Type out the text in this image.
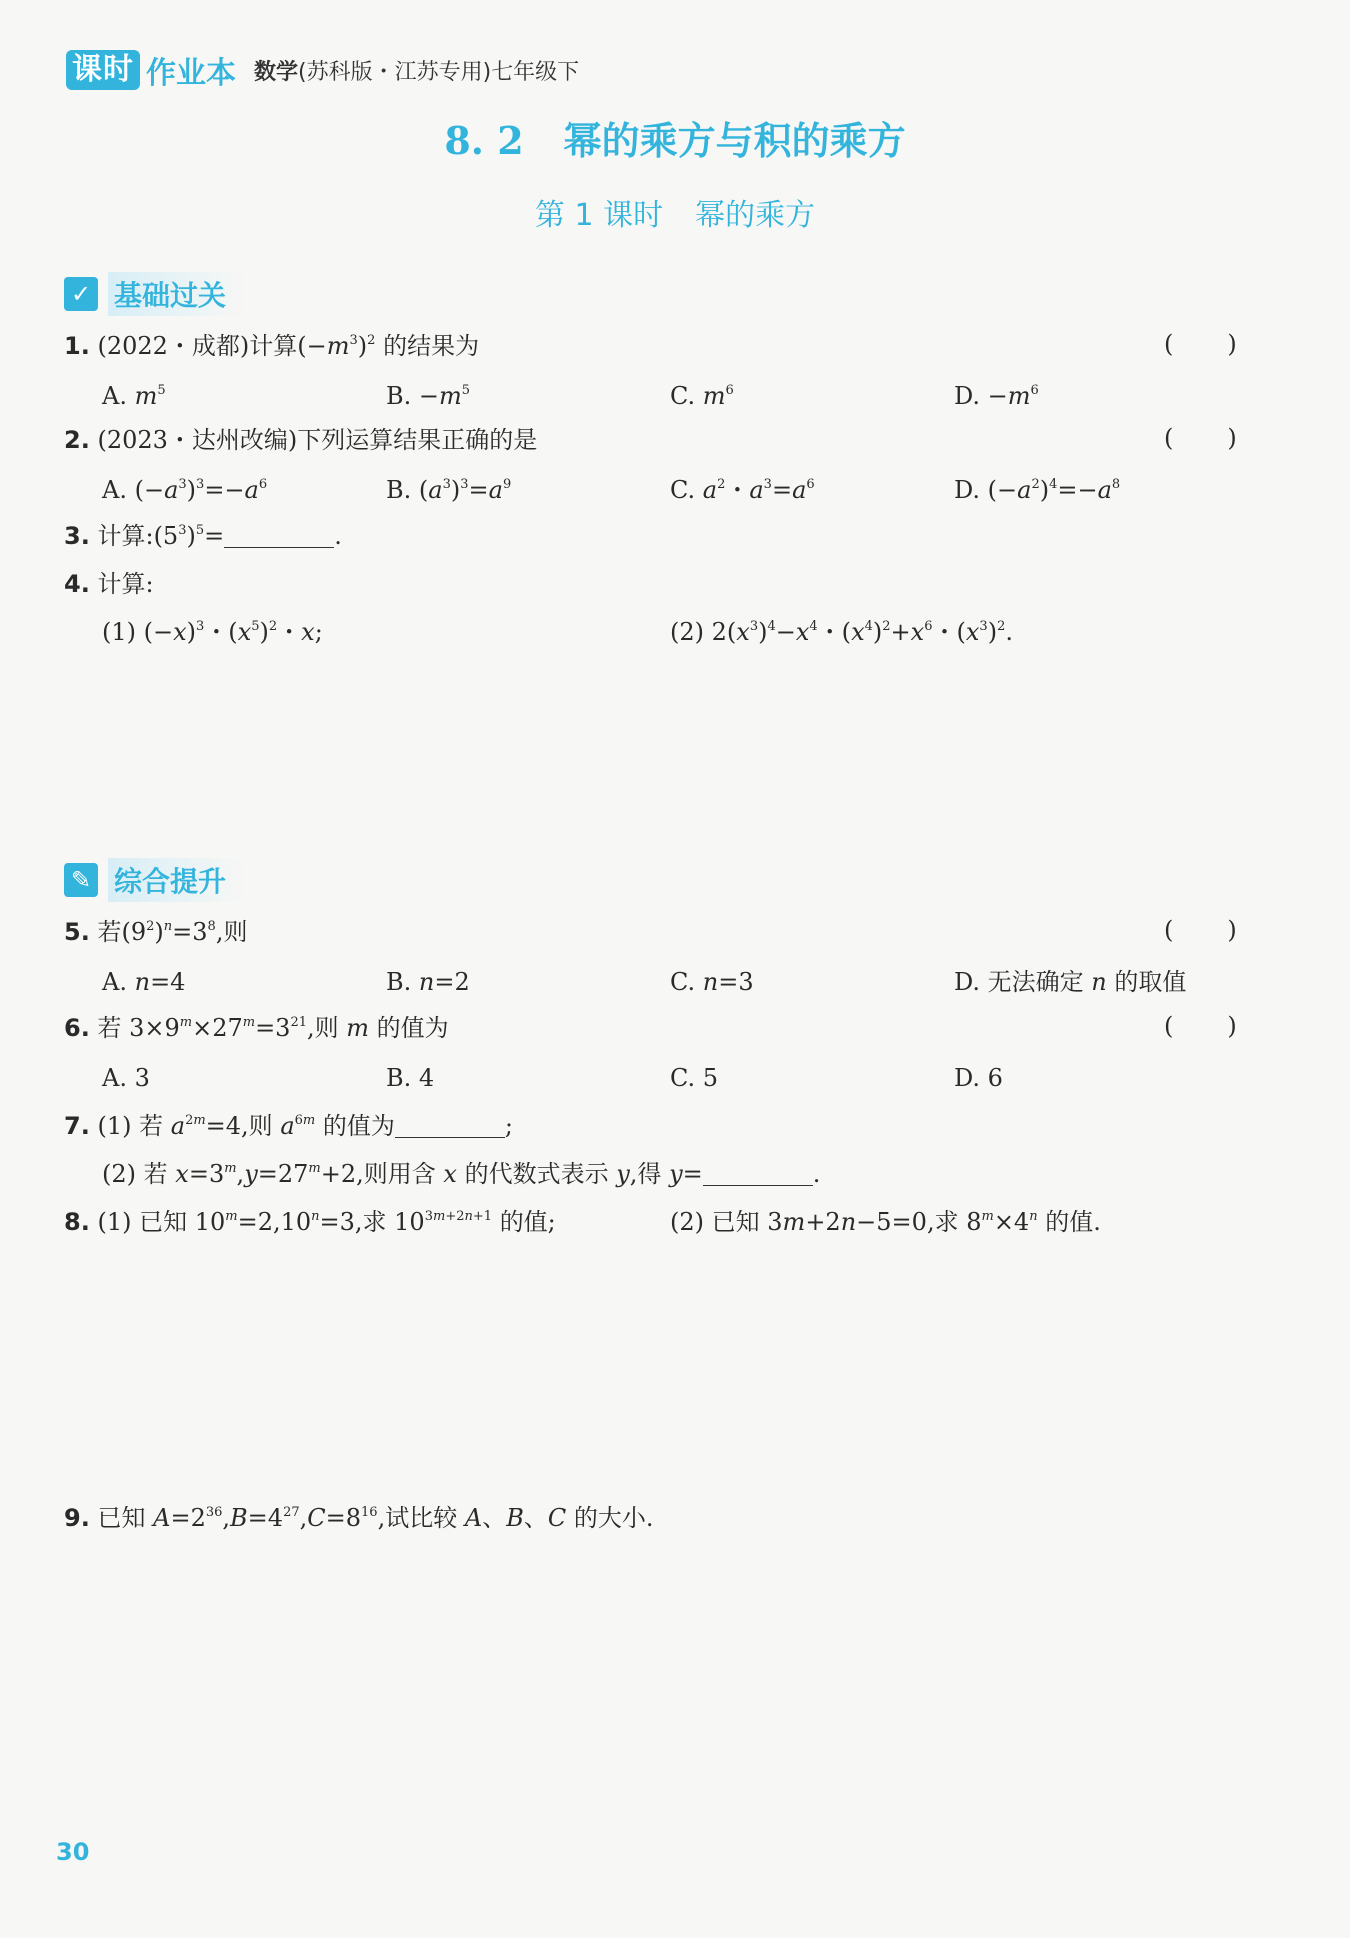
课时 作业本 数学(苏科版・江苏专用)七年级下
8. 2 幂的乘方与积的乘方
第 1 课时 幂的乘方
✓ 基础过关
1. (2022・成都)计算$(-m^3)^2$ 的结果为	( )
A. $m^5$	B. $-m^5$	C. $m^6$	D. $-m^6$
2. (2023・达州改编)下列运算结果正确的是	( )
A. $(-a^3)^3=-a^6$	B. $(a^3)^3=a^9$	C. $a^2$・$a^3=a^6$	D. $(-a^2)^4=-a^8$
3. 计算$:(5^3)^5=$	.
4. 计算:
(1) $(-x)^3$・$(x^5)^2$・x;	(2) $2(x^3)^4-x^4$・$(x^4)^2+x^6$・$(x^3)^2$.
✎ 综合提升
5. 若$(9^2)^n=3^8$,则	( )
A. n=4	B. n=2	C. n=3	D. 无法确定 n 的取值
6. 若 $3\times 9^m\times 27^m=3^{21}$,则 m 的值为	( )
A. 3	B. 4	C. 5	D. 6
7. (1) 若 $a^{2m}=4$,则 $a^{6m}$ 的值为	;
(2) 若 $x=3^m,y=27^m+2$,则用含 x 的代数式表示 y,得 y=	.
8. (1) 已知 $10^m=2,10^n=3$,求 $10^{3m+2n+1}$ 的值;	(2) 已知 3m+2n−5=0,求 $8^m\times 4^n$ 的值.
9. 已知 $A=2^{36},B=4^{27},C=8^{16}$,试比较 A、B、C 的大小.
30
